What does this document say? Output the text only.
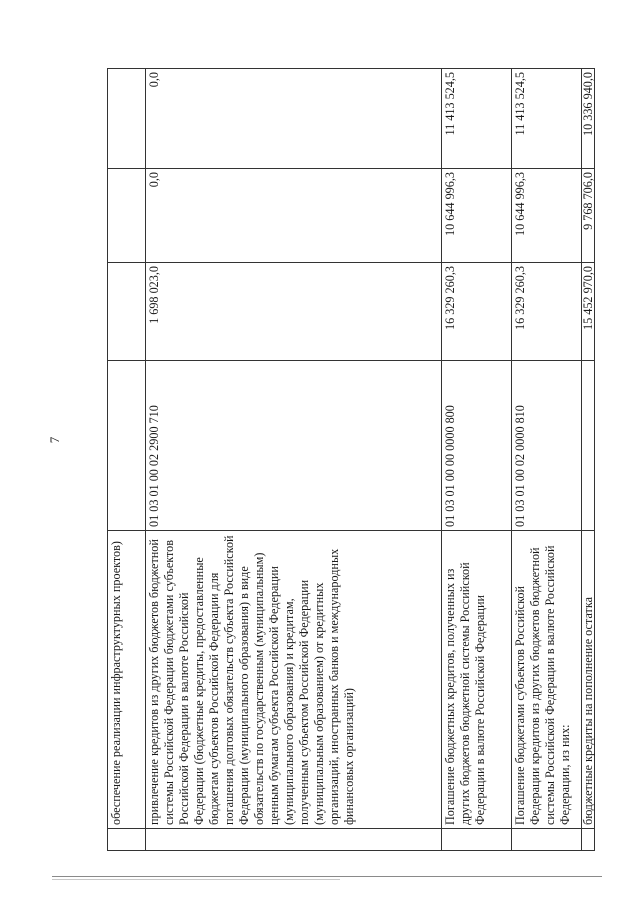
7
	обеспечение реализации инфраструктурных проектов)				
	привлечение кредитов из других бюджетов бюджетной системы Российской Федерации бюджетами субъектов Российской Федерации в валюте Российской Федерации (бюджетные кредиты, предоставленные бюджетам субъектов Российской Федерации для погашения долговых обязательств субъекта Российской Федерации (муниципального образования) в виде обязательств по государственным (муниципальным) ценным бумагам субъекта Российской Федерации (муниципального образования) и кредитам, полученным субъектом Российской Федерации (муниципальным образованием) от кредитных организаций, иностранных банков и международных финансовых организаций)	01 03 01 00 02 2900 710	1 698 023,0	0,0	0,0
	Погашение бюджетных кредитов, полученных из других бюджетов бюджетной системы Российской Федерации в валюте Российской Федерации	01 03 01 00 00 0000 800	16 329 260,3	10 644 996,3	11 413 524,5
	Погашение бюджетами субъектов Российской Федерации кредитов из других бюджетов бюджетной системы Российской Федерации в валюте Российской Федерации, из них:	01 03 01 00 02 0000 810	16 329 260,3	10 644 996,3	11 413 524,5
	бюджетные кредиты на пополнение остатка		15 452 970,0	9 768 706,0	10 336 940,0
